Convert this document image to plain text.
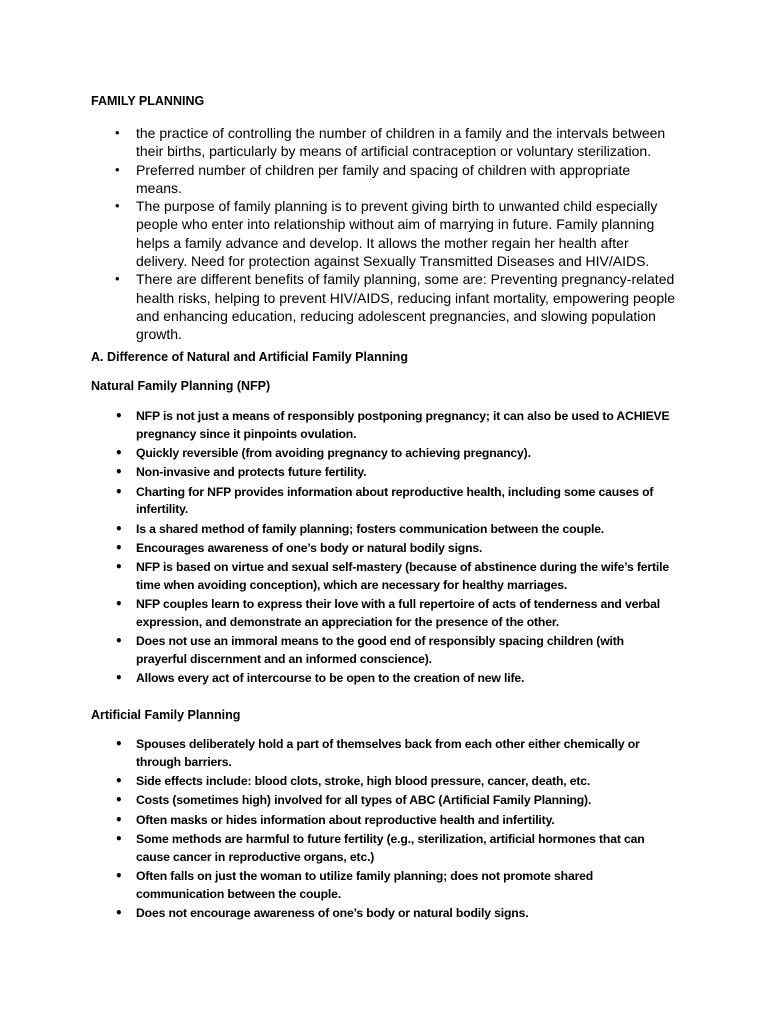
FAMILY PLANNING
• the practice of controlling the number of children in a family and the intervals between their births, particularly by means of artificial contraception or voluntary sterilization.
• Preferred number of children per family and spacing of children with appropriate means.
• The purpose of family planning is to prevent giving birth to unwanted child especially people who enter into relationship without aim of marrying in future. Family planning helps a family advance and develop. It allows the mother regain her health after delivery. Need for protection against Sexually Transmitted Diseases and HIV/AIDS.
• There are different benefits of family planning, some are: Preventing pregnancy-related health risks, helping to prevent HIV/AIDS, reducing infant mortality, empowering people and enhancing education, reducing adolescent pregnancies, and slowing population growth.
A. Difference of Natural and Artificial Family Planning
Natural Family Planning (NFP)
• NFP is not just a means of responsibly postponing pregnancy; it can also be used to ACHIEVE pregnancy since it pinpoints ovulation.
• Quickly reversible (from avoiding pregnancy to achieving pregnancy).
• Non-invasive and protects future fertility.
• Charting for NFP provides information about reproductive health, including some causes of infertility.
• Is a shared method of family planning; fosters communication between the couple.
• Encourages awareness of one’s body or natural bodily signs.
• NFP is based on virtue and sexual self-mastery (because of abstinence during the wife’s fertile time when avoiding conception), which are necessary for healthy marriages.
• NFP couples learn to express their love with a full repertoire of acts of tenderness and verbal expression, and demonstrate an appreciation for the presence of the other.
• Does not use an immoral means to the good end of responsibly spacing children (with prayerful discernment and an informed conscience).
• Allows every act of intercourse to be open to the creation of new life.
Artificial Family Planning
• Spouses deliberately hold a part of themselves back from each other either chemically or through barriers.
• Side effects include: blood clots, stroke, high blood pressure, cancer, death, etc.
• Costs (sometimes high) involved for all types of ABC (Artificial Family Planning).
• Often masks or hides information about reproductive health and infertility.
• Some methods are harmful to future fertility (e.g., sterilization, artificial hormones that can cause cancer in reproductive organs, etc.)
• Often falls on just the woman to utilize family planning; does not promote shared communication between the couple.
• Does not encourage awareness of one’s body or natural bodily signs.
